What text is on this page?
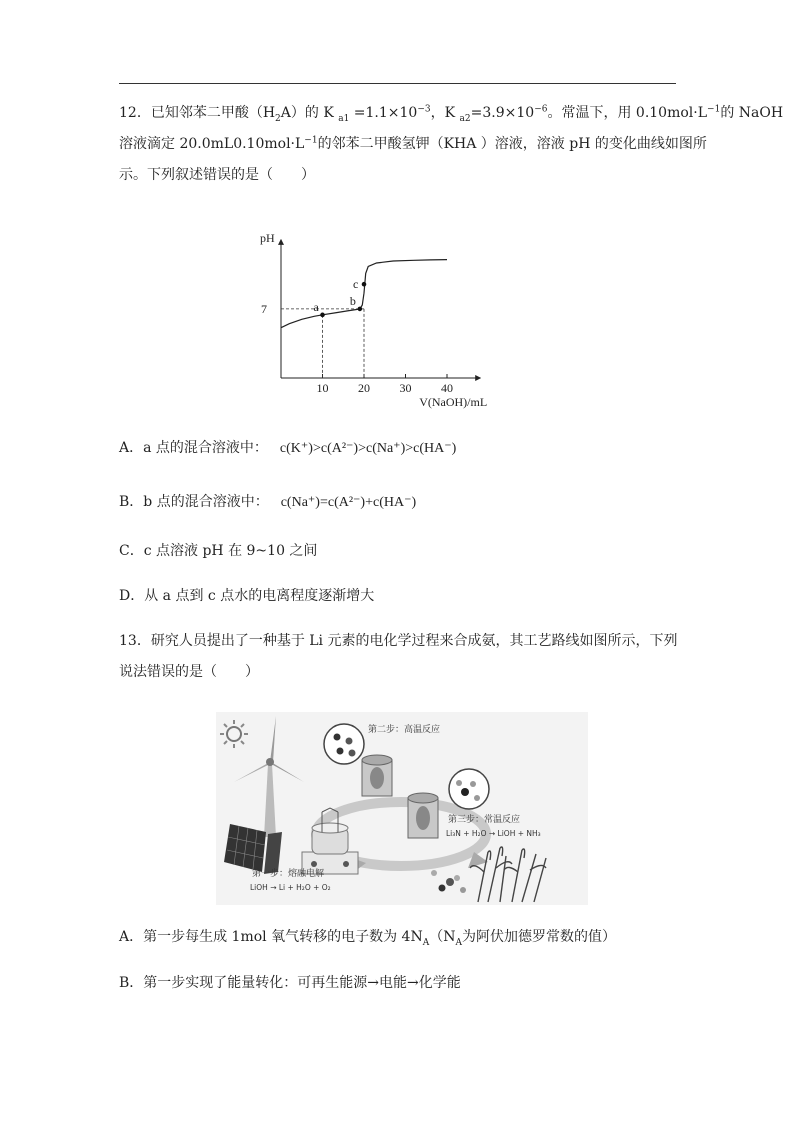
12．已知邻苯二甲酸$(H_2A)$的 K $_{a1} =1.1\times 10^{-3}$，K $_{a2}=3.9\times 10^{-6}$。常温下，用 $0.10mol\cdot L^{-1}$的 NaOH
溶液滴定 $20.0mL0.10mol\cdot L^{-1}$的邻苯二甲酸氢钾（KHA ）溶液，溶液 pH 的变化曲线如图所
示。下列叙述错误的是（　　）
pH
V(NaOH)/mL
10 20 30 40
7	a	b
c
A．a 点的混合溶液中： c(K⁺)>c(A²⁻)>c(Na⁺)>c(HA⁻)
B．b 点的混合溶液中： c(Na⁺)=c(A²⁻)+c(HA⁻)
C．c 点溶液 pH 在 9~10 之间
D．从 a 点到 c 点水的电离程度逐渐增大
13．研究人员提出了一种基于 Li 元素的电化学过程来合成氨，其工艺路线如图所示，下列
说法错误的是（　　）
第二步：高温反应
第三步：常温反应
Li₃N + H₂O → LiOH + NH₃
第一步：熔融电解
LiOH → Li + H₂O + O₂
A．第一步每生成 1mol 氧气转移的电子数为 $4N_A(N_A$为阿伏加德罗常数的值）
B．第一步实现了能量转化：可再生能源→电能→化学能
